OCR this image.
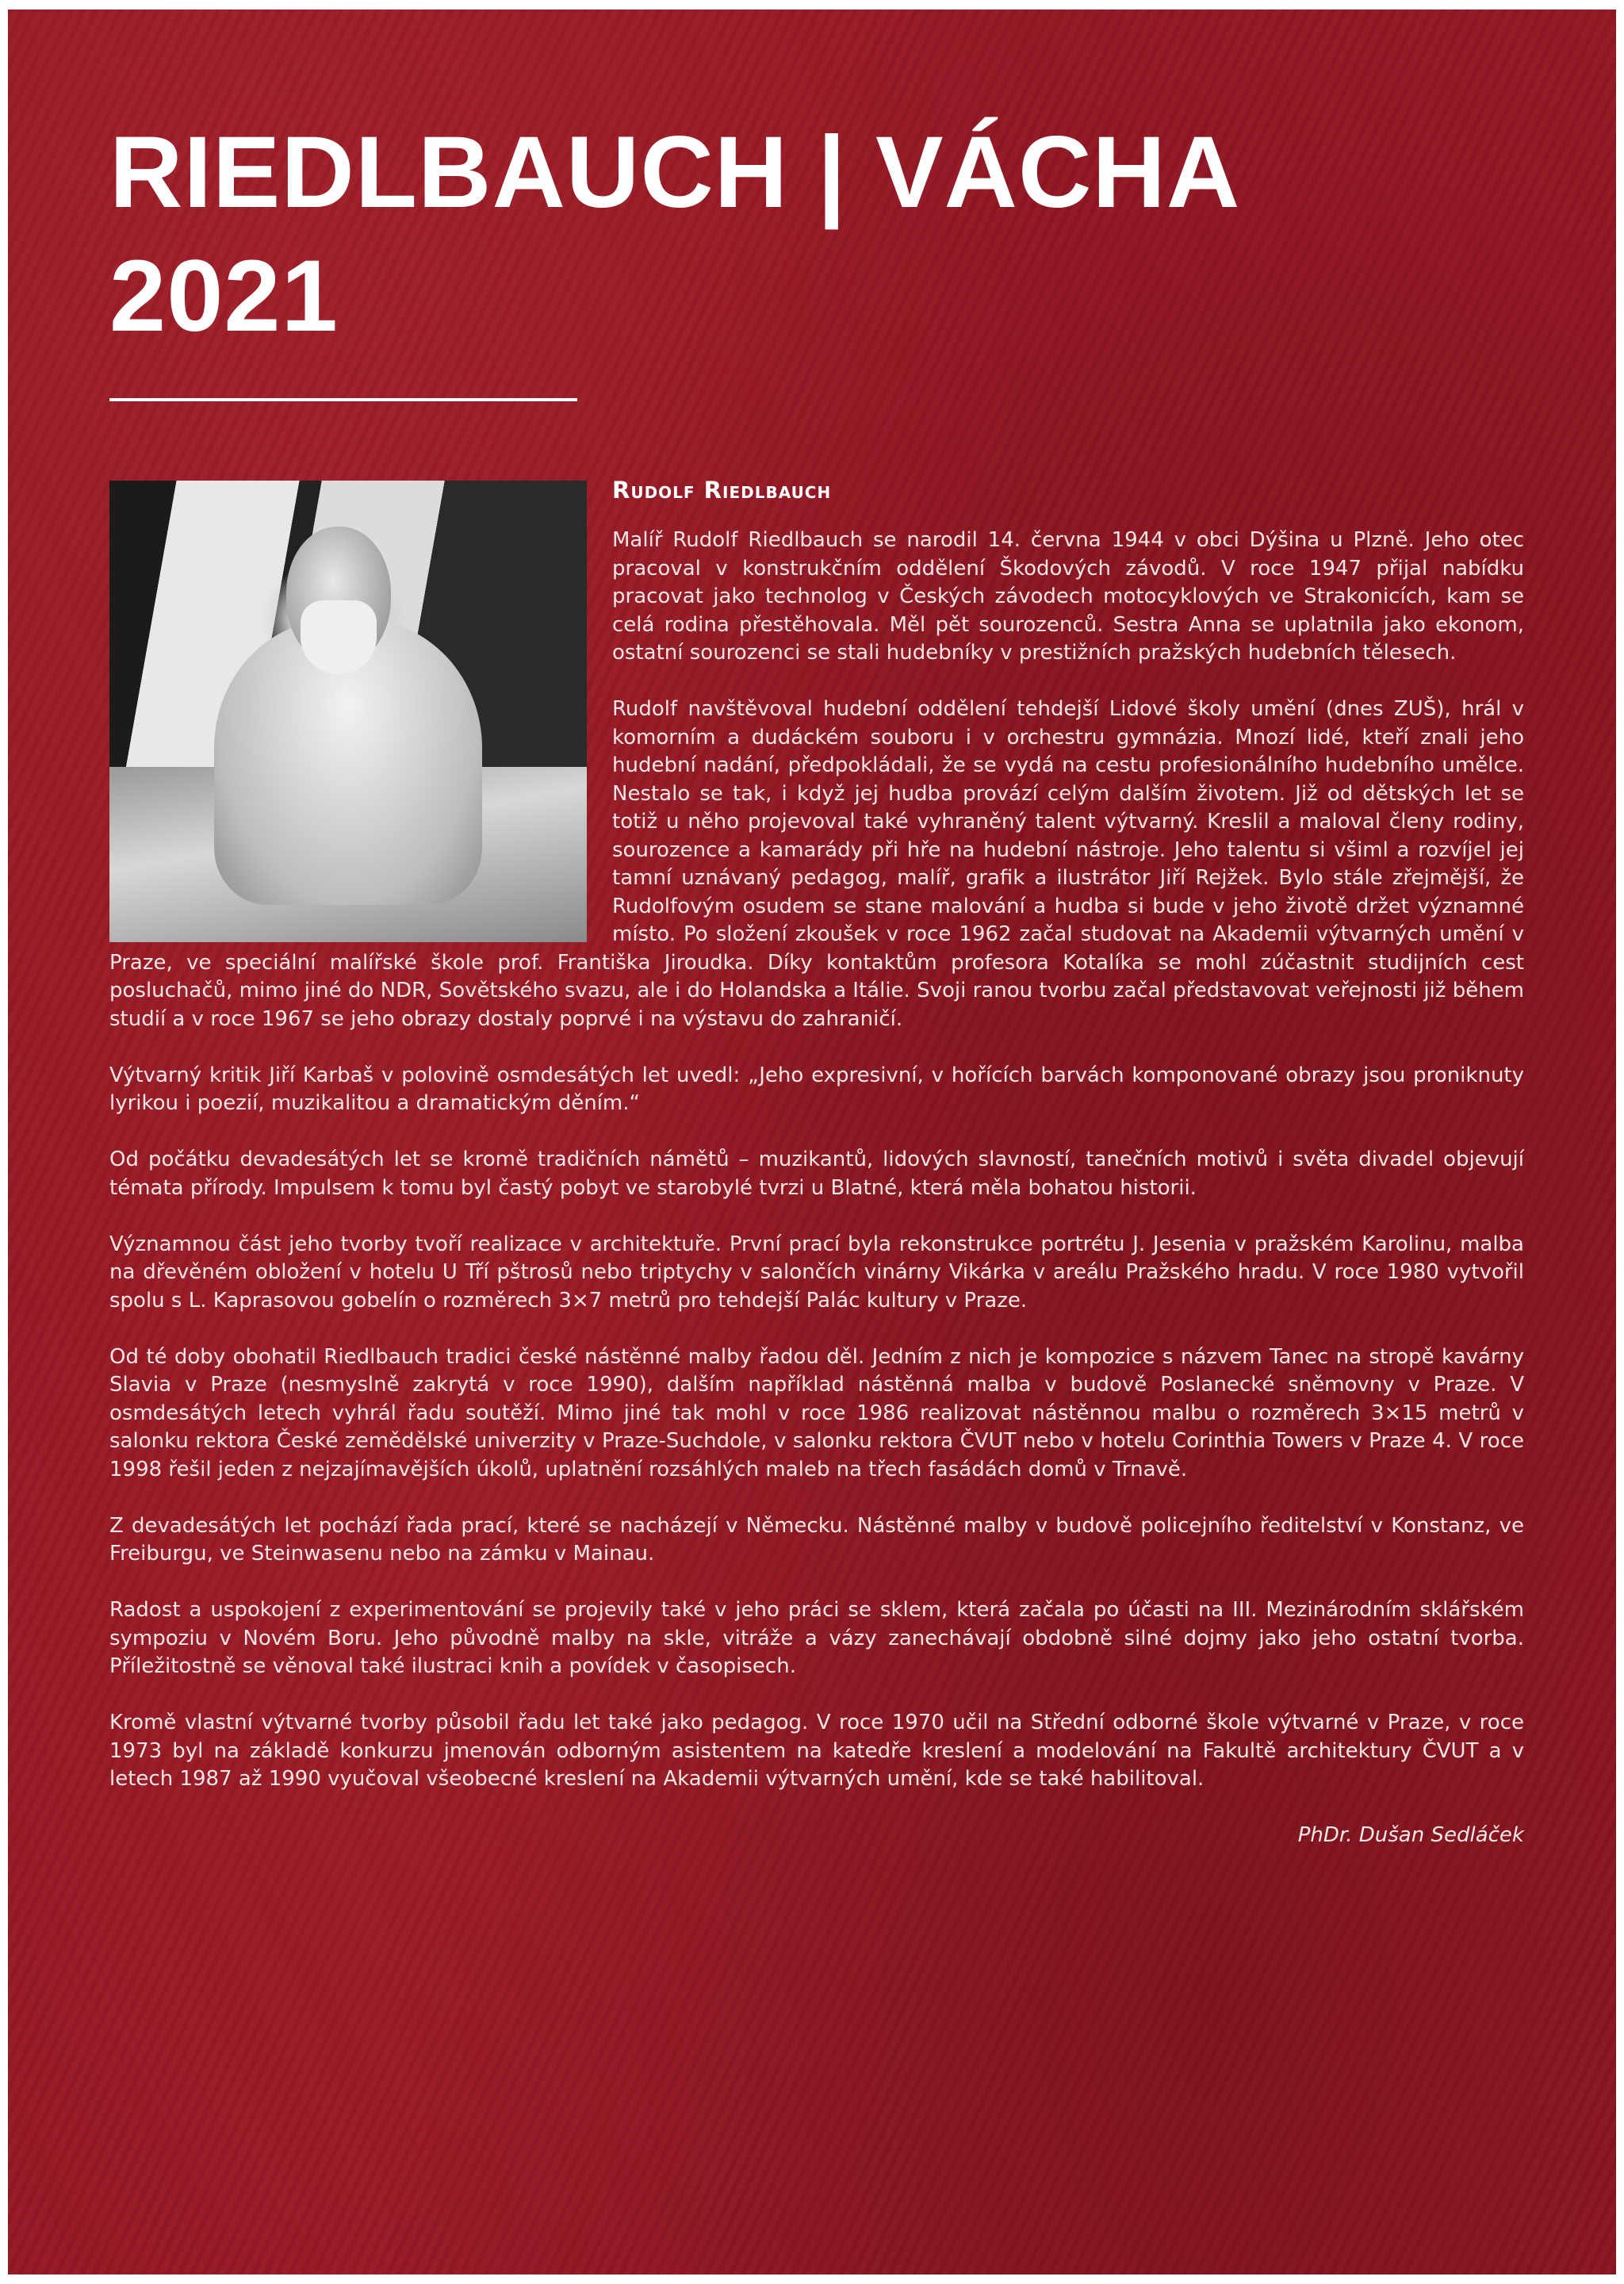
RIEDLBAUCH | VÁCHA
2021
Rudolf Riedlbauch

Malíř Rudolf Riedlbauch se narodil 14. června 1944 v obci Dýšina u Plzně. Jeho otec pracoval v konstrukčním oddělení Škodových závodů. V roce 1947 přijal nabídku pracovat jako technolog v Českých závodech motocyklových ve Strakonicích, kam se celá rodina přestěhovala. Měl pět sourozenců. Sestra Anna se uplatnila jako ekonom, ostatní sourozenci se stali hudebníky v prestižních pražských hudebních tělesech.

Rudolf navštěvoval hudební oddělení tehdejší Lidové školy umění (dnes ZUŠ), hrál v komorním a dudáckém souboru i v orchestru gymnázia. Mnozí lidé, kteří znali jeho hudební nadání, předpokládali, že se vydá na cestu profesionálního hudebního umělce. Nestalo se tak, i když jej hudba provází celým dalším životem. Již od dětských let se totiž u něho projevoval také vyhraněný talent výtvarný. Kreslil a maloval členy rodiny, sourozence a kamarády při hře na hudební nástroje. Jeho talentu si všiml a rozvíjel jej tamní uznávaný pedagog, malíř, grafik a ilustrátor Jiří Rejžek. Bylo stále zřejmější, že Rudolfovým osudem se stane malování a hudba si bude v jeho životě držet významné místo. Po složení zkoušek v roce 1962 začal studovat na Akademii výtvarných umění v Praze, ve speciální malířské škole prof. Františka Jiroudka. Díky kontaktům profesora Kotalíka se mohl zúčastnit studijních cest posluchačů, mimo jiné do NDR, Sovětského svazu, ale i do Holandska a Itálie. Svoji ranou tvorbu začal představovat veřejnosti již během studií a v roce 1967 se jeho obrazy dostaly poprvé i na výstavu do zahraničí.

Výtvarný kritik Jiří Karbaš v polovině osmdesátých let uvedl: „Jeho expresivní, v hořících barvách komponované obrazy jsou proniknuty lyrikou i poezií, muzikalitou a dramatickým děním.“

Od počátku devadesátých let se kromě tradičních námětů – muzikantů, lidových slavností, tanečních motivů i světa divadel objevují témata přírody. Impulsem k tomu byl častý pobyt ve starobylé tvrzi u Blatné, která měla bohatou historii.

Významnou část jeho tvorby tvoří realizace v architektuře. První prací byla rekonstrukce portrétu J. Jesenia v pražském Karolinu, malba na dřevěném obložení v hotelu U Tří pštrosů nebo triptychy v salončích vinárny Vikárka v areálu Pražského hradu. V roce 1980 vytvořil spolu s L. Kaprasovou gobelín o rozměrech 3×7 metrů pro tehdejší Palác kultury v Praze.

Od té doby obohatil Riedlbauch tradici české nástěnné malby řadou děl. Jedním z nich je kompozice s názvem Tanec na stropě kavárny Slavia v Praze (nesmyslně zakrytá v roce 1990), dalším například nástěnná malba v budově Poslanecké sněmovny v Praze. V osmdesátých letech vyhrál řadu soutěží. Mimo jiné tak mohl v roce 1986 realizovat nástěnnou malbu o rozměrech 3×15 metrů v salonku rektora České zemědělské univerzity v Praze-Suchdole, v salonku rektora ČVUT nebo v hotelu Corinthia Towers v Praze 4. V roce 1998 řešil jeden z nejzajímavějších úkolů, uplatnění rozsáhlých maleb na třech fasádách domů v Trnavě.

Z devadesátých let pochází řada prací, které se nacházejí v Německu. Nástěnné malby v budově policejního ředitelství v Konstanz, ve Freiburgu, ve Steinwasenu nebo na zámku v Mainau.

Radost a uspokojení z experimentování se projevily také v jeho práci se sklem, která začala po účasti na III. Mezinárodním sklářském sympoziu v Novém Boru. Jeho původně malby na skle, vitráže a vázy zanechávají obdobně silné dojmy jako jeho ostatní tvorba. Příležitostně se věnoval také ilustraci knih a povídek v časopisech.

Kromě vlastní výtvarné tvorby působil řadu let také jako pedagog. V roce 1970 učil na Střední odborné škole výtvarné v Praze, v roce 1973 byl na základě konkurzu jmenován odborným asistentem na katedře kreslení a modelování na Fakultě architektury ČVUT a v letech 1987 až 1990 vyučoval všeobecné kreslení na Akademii výtvarných umění, kde se také habilitoval.

PhDr. Dušan Sedláček
